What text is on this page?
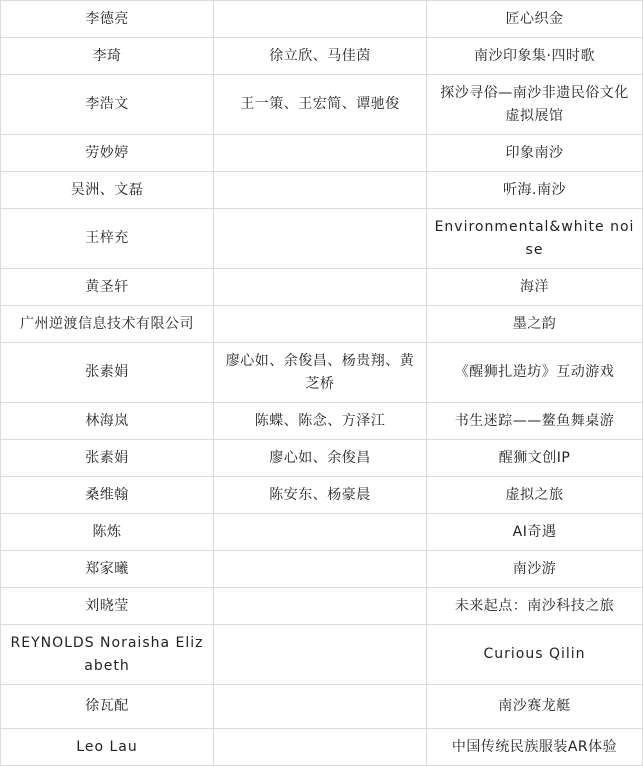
李德亮		匠心织金
李琦	徐立欣、马佳茵	南沙印象集·四时歌
李浩文	王一策、王宏简、谭驰俊	探沙寻俗—南沙非遗民俗文化虚拟展馆
劳妙婷		印象南沙
吴洲、文磊		听海.南沙
王梓充		Environmental&white noise
黄圣轩		海洋
广州逆渡信息技术有限公司		墨之韵
张素娟	廖心如、余俊昌、杨贵翔、黄芝桥	《醒狮扎造坊》互动游戏
林海岚	陈蝶、陈念、方泽江	书生迷踪——鳌鱼舞桌游
张素娟	廖心如、余俊昌	醒狮文创IP
桑维翰	陈安东、杨豪晨	虚拟之旅
陈炼		AI奇遇
郑家曦		南沙游
刘晓莹		未来起点：南沙科技之旅
REYNOLDS Noraisha Elizabeth		Curious Qilin
徐瓦配		南沙赛龙艇
Leo Lau		中国传统民族服装AR体验
